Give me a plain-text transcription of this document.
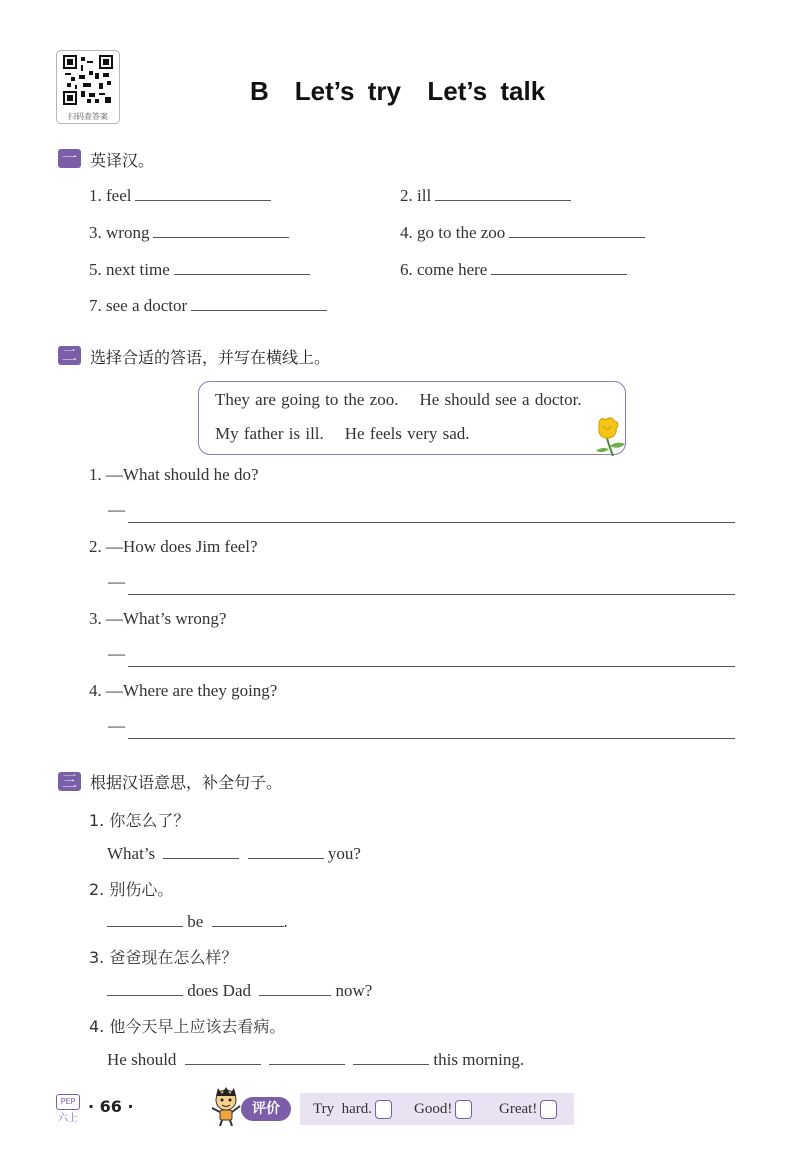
扫码查答案
B Let’s try  Let’s talk
一 英译汉。
1. feel	2. ill
3. wrong	4. go to the zoo
5. next time	6. come here
7. see a doctor
二 选择合适的答语，并写在横线上。
They are going to the zoo.    He should see a doctor.
My father is ill.    He feels very sad.
1. —What should he do?
—
2. —How does Jim feel?
—
3. —What’s wrong?
—
4. —Where are they going?
—
三 根据汉语意思，补全句子。
1. 你怎么了？
What’s	you?
2. 别伤心。
be	.
3. 爸爸现在怎么样？
does Dad	now?
4. 他今天早上应该去看病。
He should	this morning.
PEP
六上
· 66 ·	评价	Try  hard.	Good!	Great!
